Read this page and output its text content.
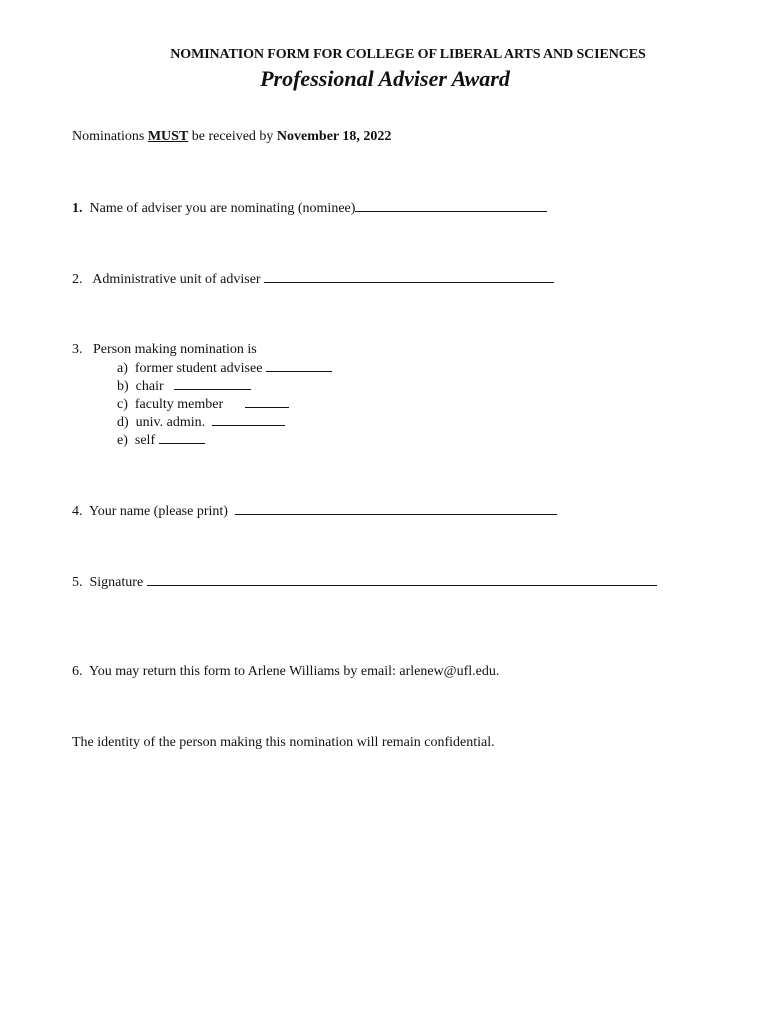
NOMINATION FORM FOR COLLEGE OF LIBERAL ARTS AND SCIENCES
Professional Adviser Award
Nominations MUST be received by November 18, 2022
1. Name of adviser you are nominating (nominee)
2. Administrative unit of adviser
3. Person making nomination is
a) former student advisee
b) chair
c) faculty member
d) univ. admin.
e) self
4. Your name (please print)
5. Signature
6. You may return this form to Arlene Williams by email: arlenew@ufl.edu.
The identity of the person making this nomination will remain confidential.
